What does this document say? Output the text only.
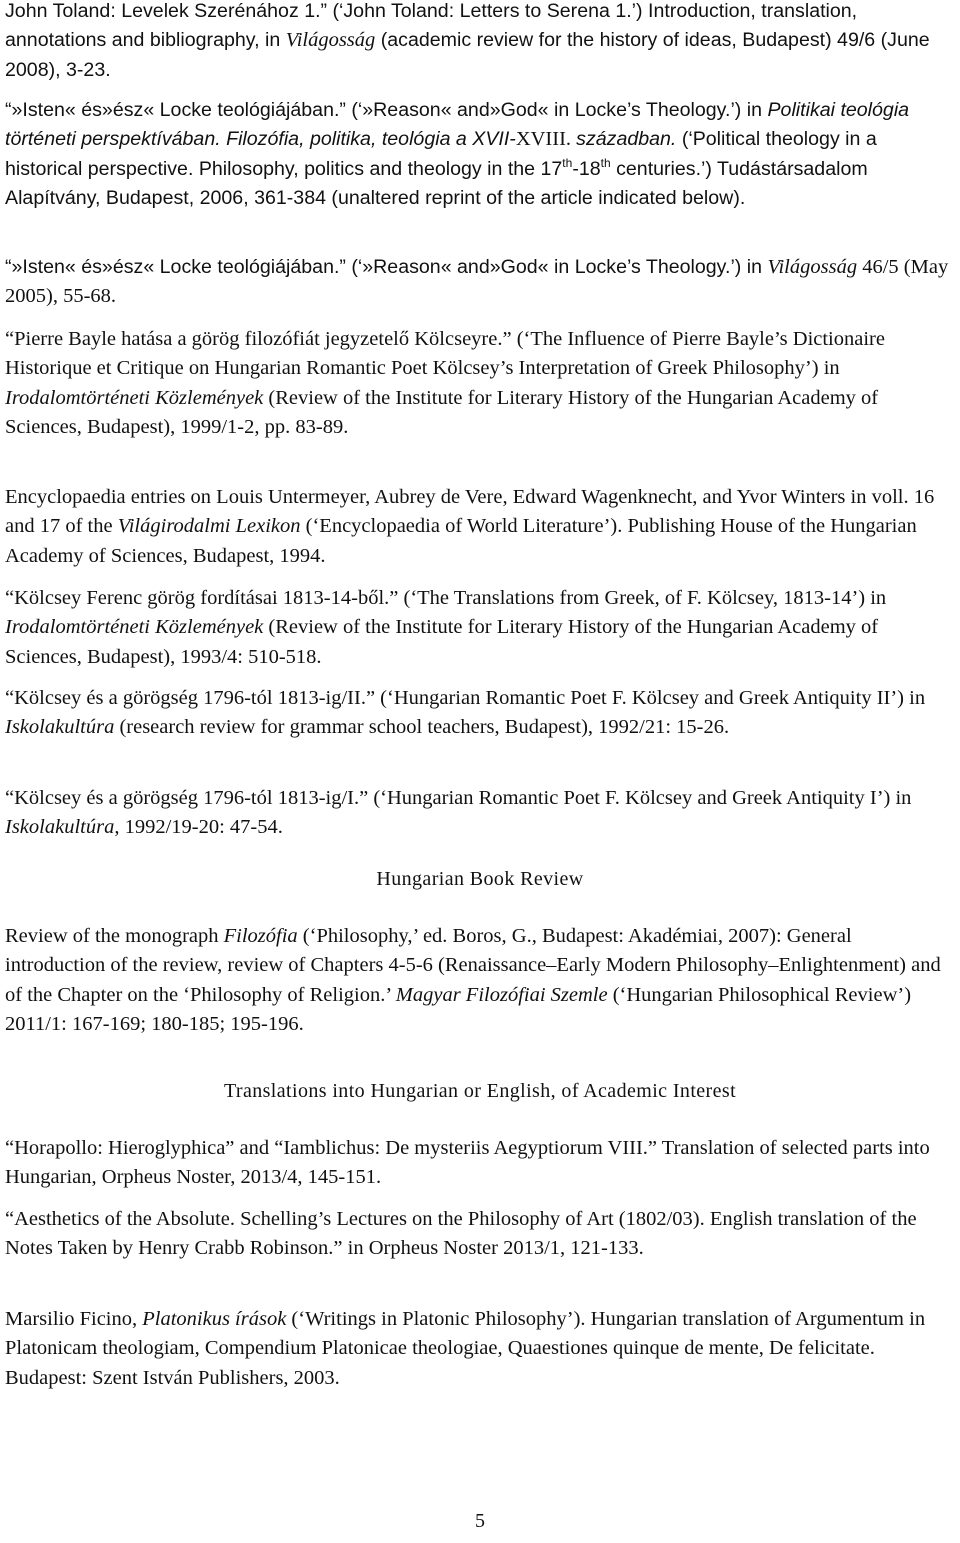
John Toland: Levelek Szerénához 1.” (‘John Toland: Letters to Serena 1.’) Introduction, translation, annotations and bibliography, in Világosság (academic review for the history of ideas, Budapest) 49/6 (June 2008), 3-23.

“»Isten« és»ész« Locke teológiájában.” (‘»Reason« and»God« in Locke’s Theology.’) in Politikai teológia történeti perspektívában. Filozófia, politika, teológia a XVII-XVIII. században. (‘Political theology in a historical perspective. Philosophy, politics and theology in the 17th-18th centuries.’) Tudástársadalom Alapítvány, Budapest, 2006, 361-384 (unaltered reprint of the article indicated below).

“»Isten« és»ész« Locke teológiájában.” (‘»Reason« and»God« in Locke’s Theology.’) in Világosság 46/5 (May 2005), 55-68.

“Pierre Bayle hatása a görög filozófiát jegyzetelő Kölcseyre.” (‘The Influence of Pierre Bayle’s Dictionaire Historique et Critique on Hungarian Romantic Poet Kölcsey’s Interpretation of Greek Philosophy’) in Irodalomtörténeti Közlemények (Review of the Institute for Literary History of the Hungarian Academy of Sciences, Budapest), 1999/1-2, pp. 83-89.

Encyclopaedia entries on Louis Untermeyer, Aubrey de Vere, Edward Wagenknecht, and Yvor Winters in voll. 16 and 17 of the Világirodalmi Lexikon (‘Encyclopaedia of World Literature’). Publishing House of the Hungarian Academy of Sciences, Budapest, 1994.

“Kölcsey Ferenc görög fordításai 1813-14-ből.” (‘The Translations from Greek, of F. Kölcsey, 1813-14’) in Irodalomtörténeti Közlemények (Review of the Institute for Literary History of the Hungarian Academy of Sciences, Budapest), 1993/4: 510-518.

“Kölcsey és a görögség 1796-tól 1813-ig/II.” (‘Hungarian Romantic Poet F. Kölcsey and Greek Antiquity II’) in Iskolakultúra (research review for grammar school teachers, Budapest), 1992/21: 15-26.

“Kölcsey és a görögség 1796-tól 1813-ig/I.” (‘Hungarian Romantic Poet F. Kölcsey and Greek Antiquity I’) in Iskolakultúra, 1992/19-20: 47-54.

Hungarian Book Review

Review of the monograph Filozófia (‘Philosophy,’ ed. Boros, G., Budapest: Akadémiai, 2007): General introduction of the review, review of Chapters 4-5-6 (Renaissance–Early Modern Philosophy–Enlightenment) and of the Chapter on the ‘Philosophy of Religion.’ Magyar Filozófiai Szemle (‘Hungarian Philosophical Review’) 2011/1: 167-169; 180-185; 195-196.

Translations into Hungarian or English, of Academic Interest

“Horapollo: Hieroglyphica” and “Iamblichus: De mysteriis Aegyptiorum VIII.” Translation of selected parts into Hungarian, Orpheus Noster, 2013/4, 145-151.

“Aesthetics of the Absolute. Schelling’s Lectures on the Philosophy of Art (1802/03). English translation of the Notes Taken by Henry Crabb Robinson.” in Orpheus Noster 2013/1, 121-133.

Marsilio Ficino, Platonikus írások (‘Writings in Platonic Philosophy’). Hungarian translation of Argumentum in Platonicam theologiam, Compendium Platonicae theologiae, Quaestiones quinque de mente, De felicitate. Budapest: Szent István Publishers, 2003.

5
